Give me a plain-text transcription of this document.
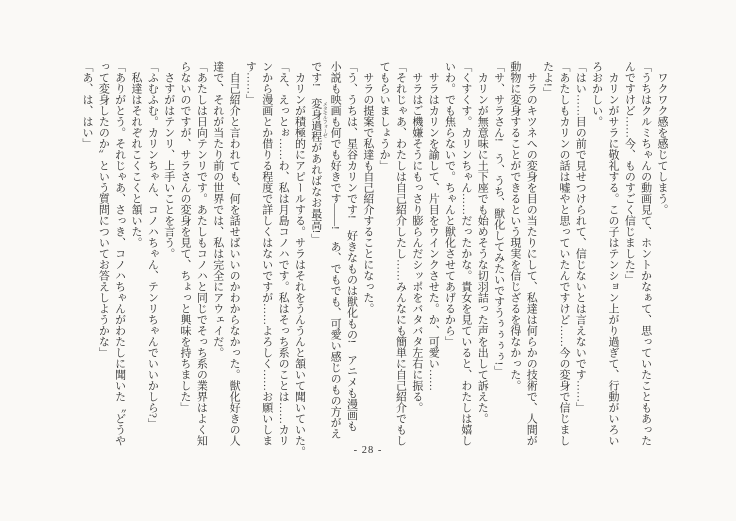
ワクワク感を感じてしまう。
「うちはクルミちゃんの動画見て、ホントかなぁて、思っていたこともあった
んですけど……今、ものすごく信じました!」
カリンがサラに敬礼する。この子はテンション上がり過ぎて、行動がいろい
ろおかしい。
「はい……目の前で見せつけられて、信じないとは言えないです……」
「あたしもカリンの話は嘘やと思っていたんですけど……今の変身で信じまし
たよ!」
サラのキツネへの変身を目の当たりにして、私達は何らかの技術で、人間が
動物に変身することができるという現実を信じざるを得なかった。
「サ、サラさん!　う、うち、獣化してみたいですうぅぅぅぅ!」
カリンが無意味に土下座でも始めそうな切羽詰った声を出して訴えた。
「くすくす。カリンちゃん……だったかな。貴女を見ていると、わたしは嬉し
いわ。でも焦らないで。ちゃんと獣化させてあげるから」
サラはカリンを諭して、片目をウインクさせた。か、可愛い……
サラはご機嫌そうにもっさり膨らんだシッポをバタバタ左右に振る。
「それじゃあ、わたしは自己紹介したし……みんなにも簡単に自己紹介でもし
てもらいましょうか」
サラの提案で私達も自己紹介することになった。
「う、うちは、星谷カリンです!　好きなものは獣化もの!　アニメも漫画も
小説も映画も何でも好きです――!　あ、でもでも、可愛い感じのもの方がえ
です!　変身過程 メタモルフォーゼがあればなお最高!」
カリンが積極的にアピールする。サラはそれをうんうんと頷いて聞いていた。
「え、えっとぉ……わ、私は月島コノハです。私はそっち系のことは……カリ
ンから漫画とか借りる程度で詳しくはないですが……よろしく……お願いしま
す……」
自己紹介と言われても、何を話せばいいのかわからなかった。獣化好きの人
達で、それが当たり前の世界では、私は完全にアウェイだ。
「あたしは日向テンリです。あたしもコノハと同じでそっち系の業界はよく知
らないのですが、サラさんの変身を見て、ちょっと興味を持ちました」
さすがはテンリ、上手いことを言う。
「ふむふむ。カリンちゃん、コノハちゃん、テンリちゃんでいいかしら?」
私達はそれぞれこくこくと頷いた。
「ありがとう。それじゃあ、さっき、コノハちゃんがわたしに聞いた〝どうや
って変身したのか〟という質問についてお答えしようかな」
「あ、は、はい」
- 28 -
